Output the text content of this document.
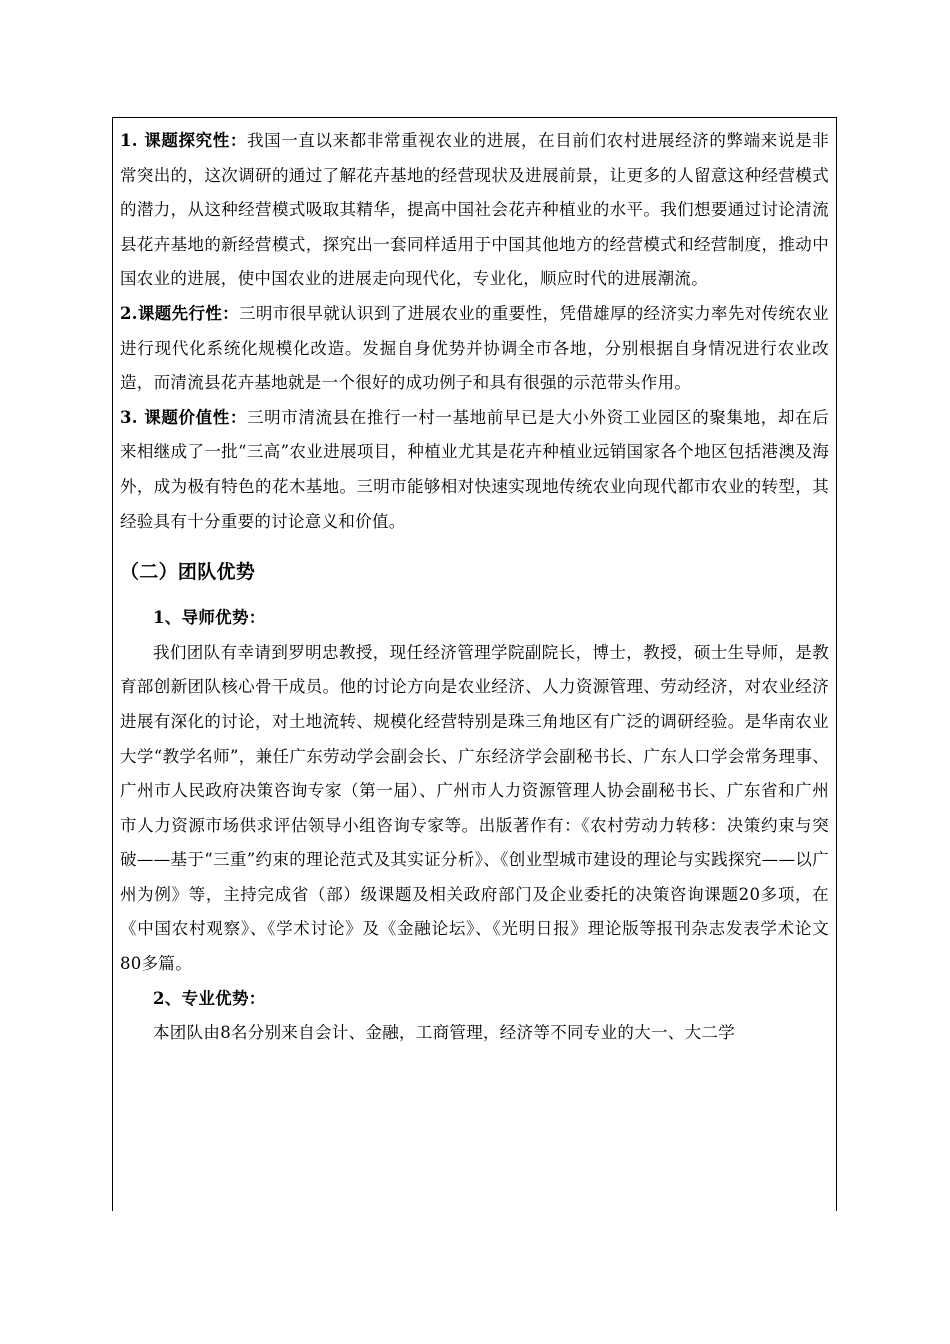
1. 课题探究性：我国一直以来都非常重视农业的进展，在目前们农村进展经济的弊端来说是非常突出的，这次调研的通过了解花卉基地的经营现状及进展前景，让更多的人留意这种经营模式的潜力，从这种经营模式吸取其精华，提高中国社会花卉种植业的水平。我们想要通过讨论清流县花卉基地的新经营模式，探究出一套同样适用于中国其他地方的经营模式和经营制度，推动中国农业的进展，使中国农业的进展走向现代化，专业化，顺应时代的进展潮流。

2.课题先行性：三明市很早就认识到了进展农业的重要性，凭借雄厚的经济实力率先对传统农业进行现代化系统化规模化改造。发掘自身优势并协调全市各地，分别根据自身情况进行农业改造，而清流县花卉基地就是一个很好的成功例子和具有很强的示范带头作用。

3. 课题价值性：三明市清流县在推行一村一基地前早已是大小外资工业园区的聚集地，却在后来相继成了一批“三高”农业进展项目，种植业尤其是花卉种植业远销国家各个地区包括港澳及海外，成为极有特色的花木基地。三明市能够相对快速实现地传统农业向现代都市农业的转型，其经验具有十分重要的讨论意义和价值。

（二）团队优势

1、导师优势：

我们团队有幸请到罗明忠教授，现任经济管理学院副院长，博士，教授，硕士生导师，是教育部创新团队核心骨干成员。他的讨论方向是农业经济、人力资源管理、劳动经济，对农业经济进展有深化的讨论，对土地流转、规模化经营特别是珠三角地区有广泛的调研经验。是华南农业大学“教学名师”，兼任广东劳动学会副会长、广东经济学会副秘书长、广东人口学会常务理事、广州市人民政府决策咨询专家（第一届）、广州市人力资源管理人协会副秘书长、广东省和广州市人力资源市场供求评估领导小组咨询专家等。出版著作有：《农村劳动力转移：决策约束与突破——基于“三重”约束的理论范式及其实证分析》、《创业型城市建设的理论与实践探究——以广州为例》等，主持完成省（部）级课题及相关政府部门及企业委托的决策咨询课题20多项，在《中国农村观察》、《学术讨论》及《金融论坛》、《光明日报》理论版等报刊杂志发表学术论文80多篇。

2、专业优势：

本团队由8名分别来自会计、金融，工商管理，经济等不同专业的大一、大二学
